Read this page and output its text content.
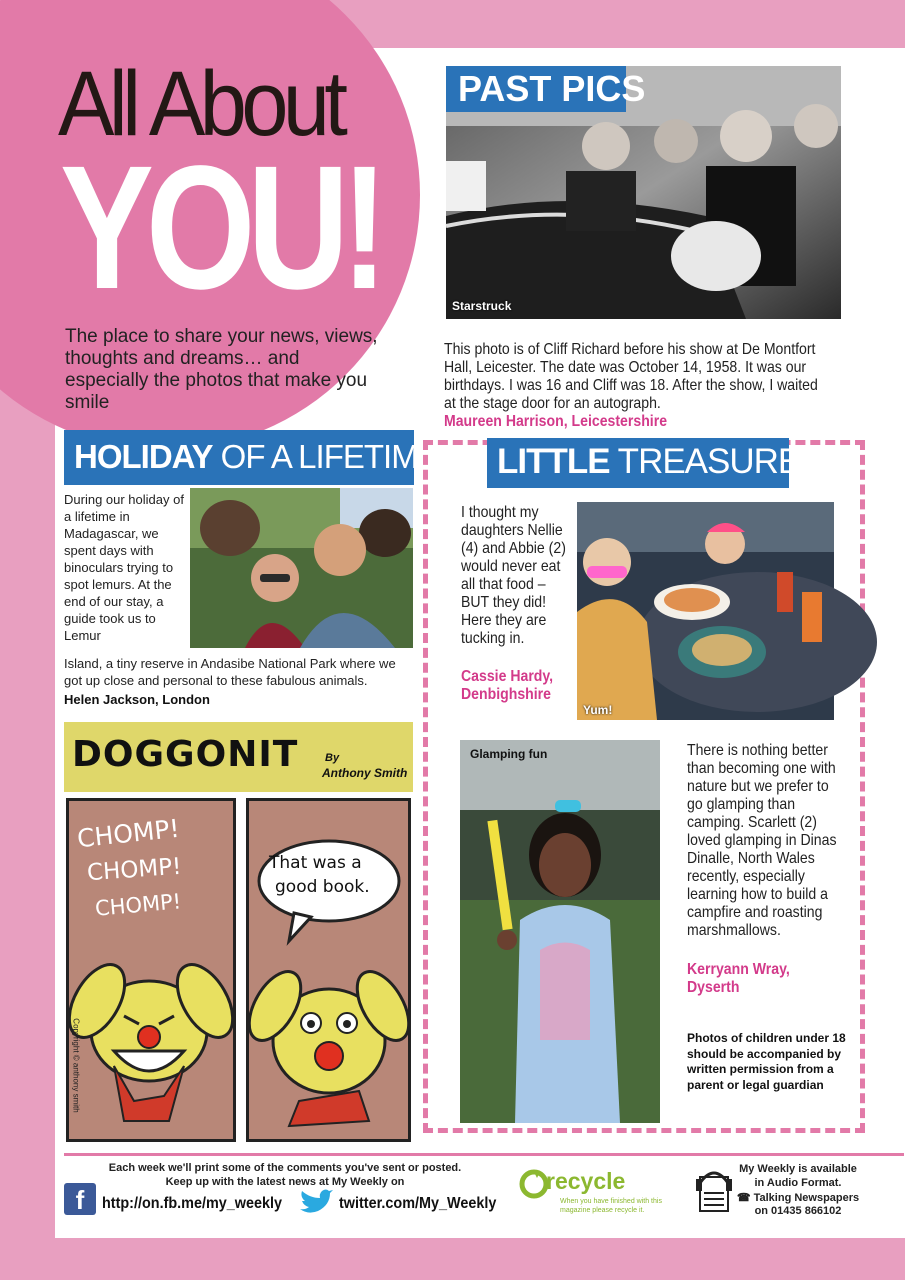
All About
YOU!
The place to share your news, views, thoughts and dreams… and especially the photos that make you smile
PAST PICS
Starstruck
This photo is of Cliff Richard before his show at De Montfort Hall, Leicester. The date was October 14, 1958. It was our birthdays. I was 16 and Cliff was 18. After the show, I waited at the stage door for an autograph.
Maureen Harrison, Leicestershire
HOLIDAY OF A LIFETIME
During our holiday of a lifetime in Madagascar, we spent days with binoculars trying to spot lemurs. At the end of our stay, a guide took us to Lemur
Island, a tiny reserve in Andasibe National Park where we got up close and personal to these fabulous animals.
Helen Jackson, London
LITTLE TREASURES
I thought my daughters Nellie (4) and Abbie (2) would never eat all that food – BUT they did! Here they are tucking in.
Cassie Hardy,
Denbighshire
Yum!
Glamping fun	There is nothing better than becoming one with nature but we prefer to go glamping than camping. Scarlett (2) loved glamping in Dinas Dinalle, North Wales recently, especially learning how to build a campfire and roasting marshmallows.
Kerryann Wray,
Dyserth
Photos of children under 18 should be accompanied by written permission from a parent or legal guardian
DOGGONIT By
Anthony Smith
CHOMP!
CHOMP!
CHOMP!
Copyright © anthony smith
That was a
good book.
Each week we'll print some of the comments you've sent or posted.
Keep up with the latest news at My Weekly on
f	http://on.fb.me/my_weekly	twitter.com/My_Weekly
recycle
When you have finished with this magazine please recycle it.
My Weekly is available
in Audio Format.
☎ Talking Newspapers
on 01435 866102
